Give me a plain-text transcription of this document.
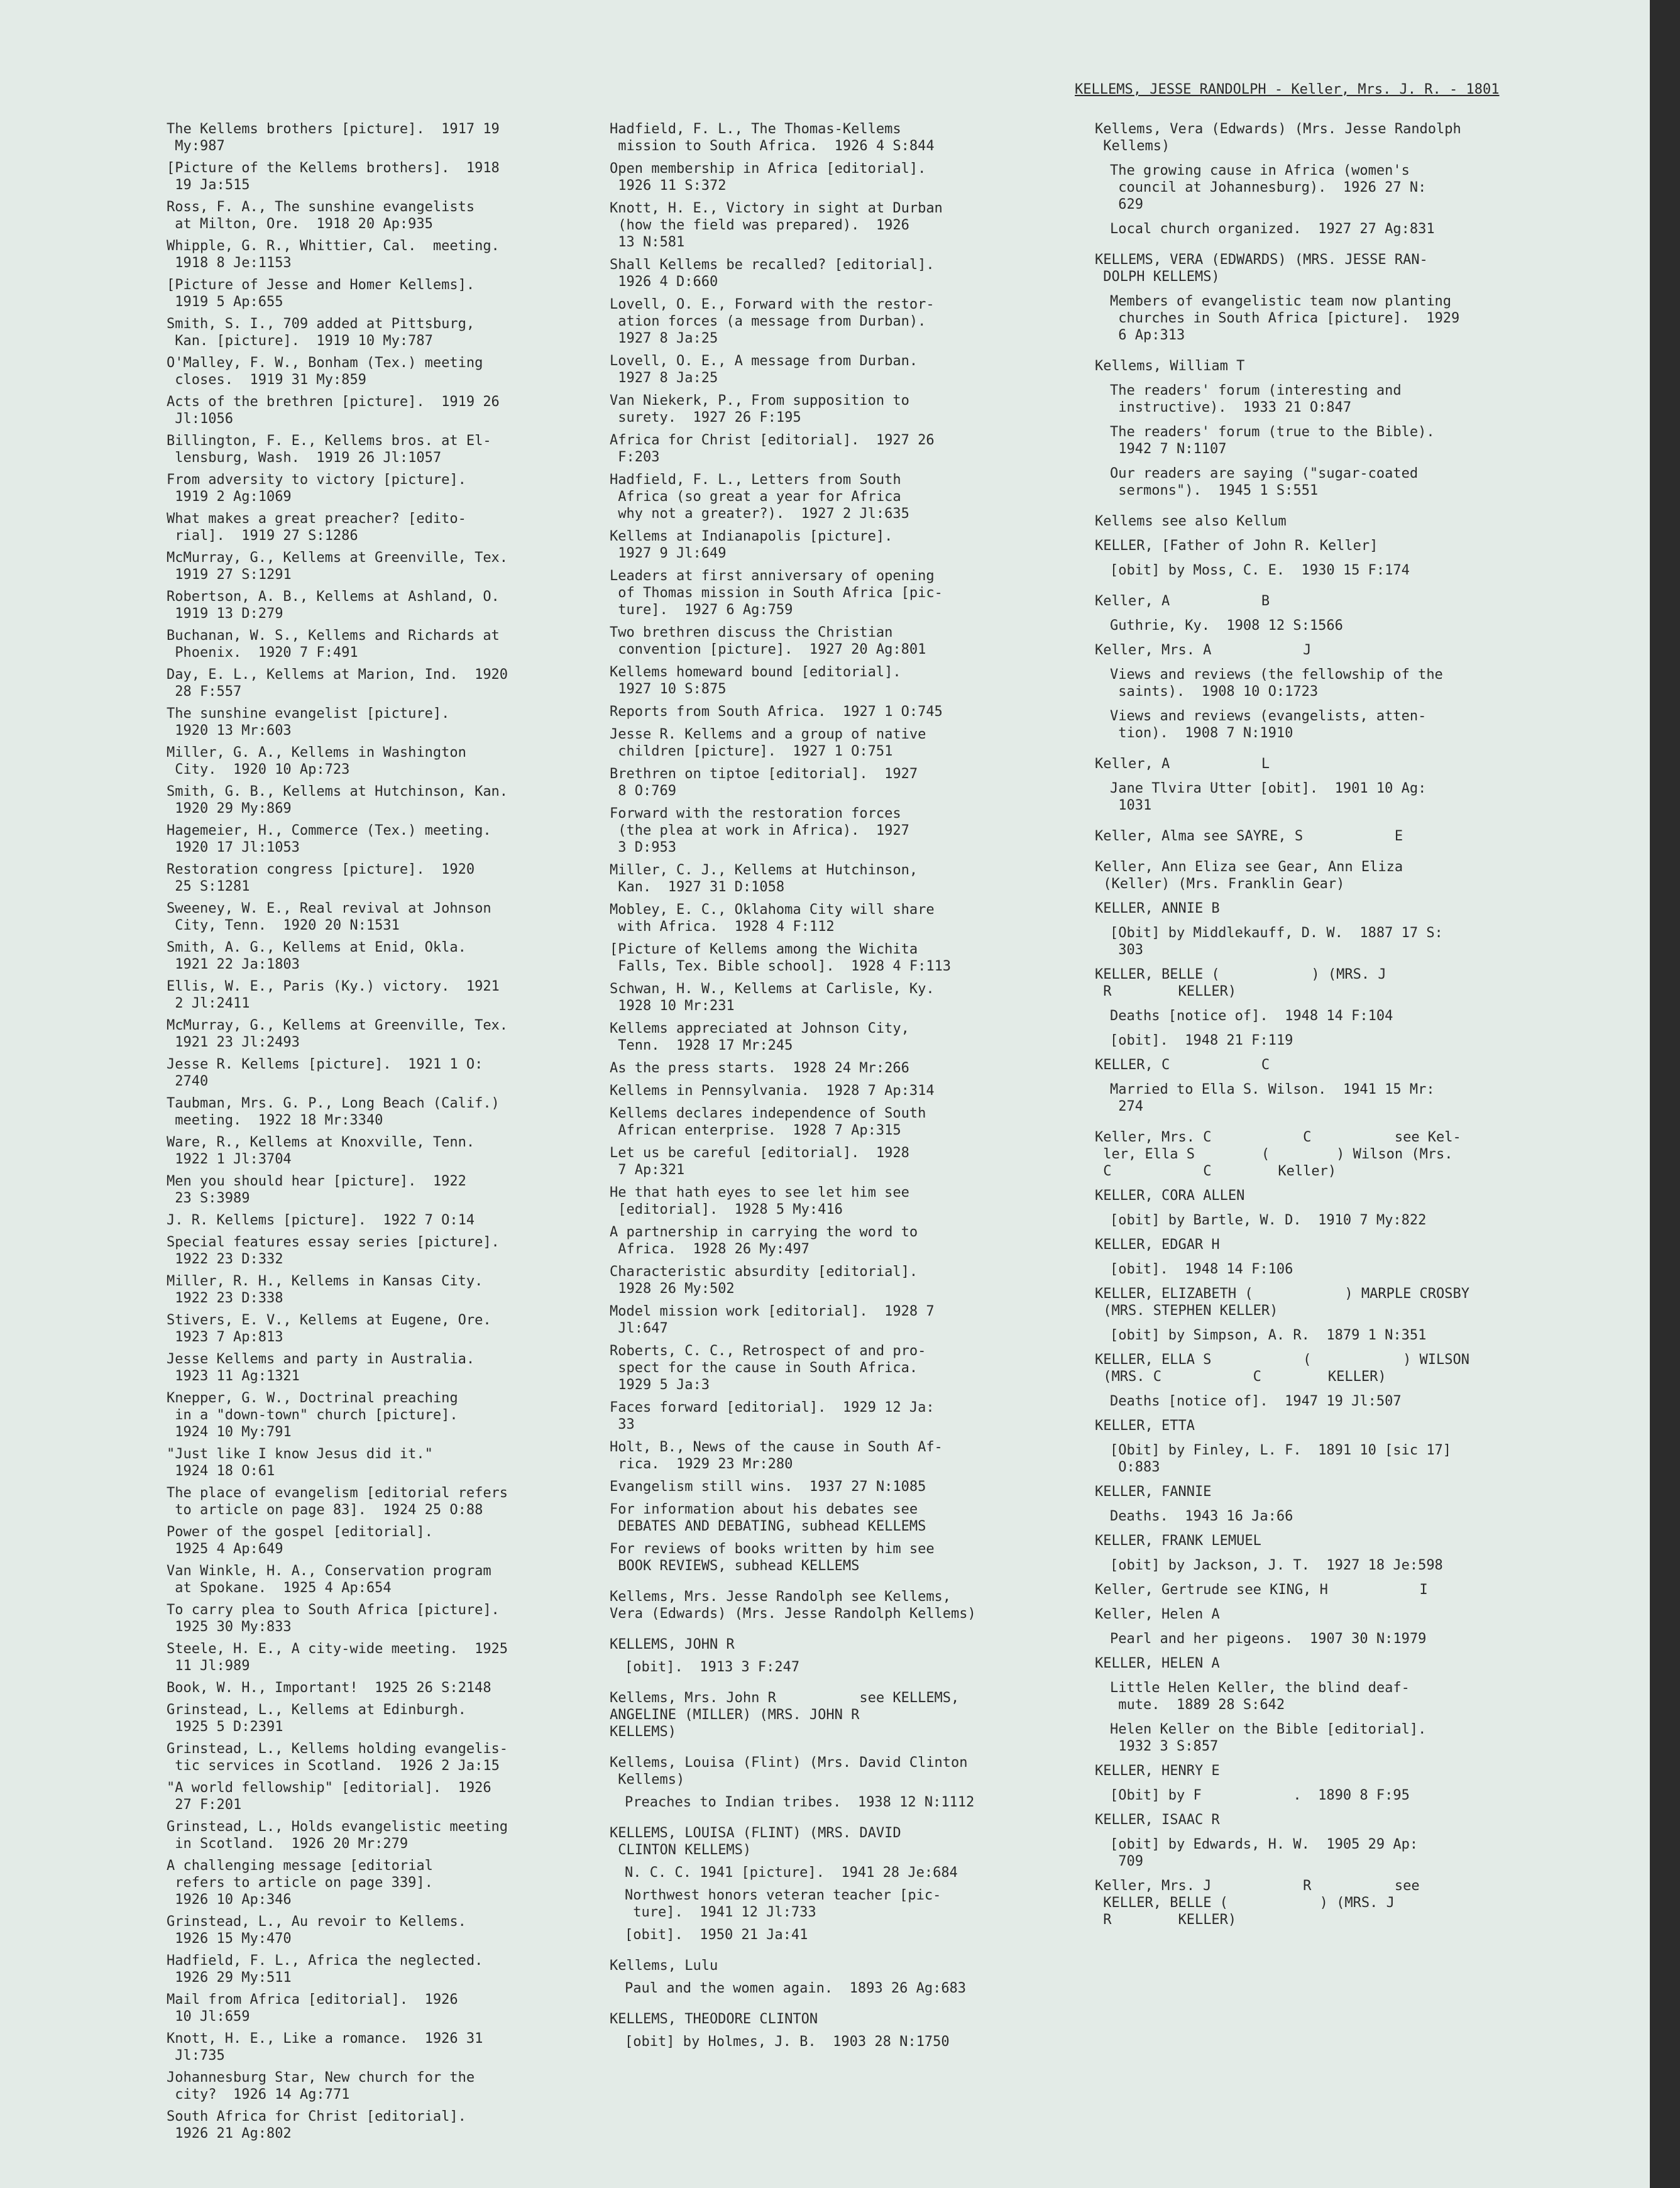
KELLEMS, JESSE RANDOLPH - Keller, Mrs. J. R. - 1801
The Kellems brothers [picture].  1917 19
My:987
[Picture of the Kellems brothers].  1918
19 Ja:515
Ross, F. A., The sunshine evangelists
at Milton, Ore.  1918 20 Ap:935
Whipple, G. R., Whittier, Cal.  meeting.
1918 8 Je:1153
[Picture of Jesse and Homer Kellems].
1919 5 Ap:655
Smith, S. I., 709 added at Pittsburg,
Kan. [picture].  1919 10 My:787
O'Malley, F. W., Bonham (Tex.) meeting
closes.  1919 31 My:859
Acts of the brethren [picture].  1919 26
Jl:1056
Billington, F. E., Kellems bros. at El-
lensburg, Wash.  1919 26 Jl:1057
From adversity to victory [picture].
1919 2 Ag:1069
What makes a great preacher? [edito-
rial].  1919 27 S:1286
McMurray, G., Kellems at Greenville, Tex.
1919 27 S:1291
Robertson, A. B., Kellems at Ashland, O.
1919 13 D:279
Buchanan, W. S., Kellems and Richards at
Phoenix.  1920 7 F:491
Day, E. L., Kellems at Marion, Ind.  1920
28 F:557
The sunshine evangelist [picture].
1920 13 Mr:603
Miller, G. A., Kellems in Washington
City.  1920 10 Ap:723
Smith, G. B., Kellems at Hutchinson, Kan.
1920 29 My:869
Hagemeier, H., Commerce (Tex.) meeting.
1920 17 Jl:1053
Restoration congress [picture].  1920
25 S:1281
Sweeney, W. E., Real revival at Johnson
City, Tenn.  1920 20 N:1531
Smith, A. G., Kellems at Enid, Okla.
1921 22 Ja:1803
Ellis, W. E., Paris (Ky.) victory.  1921
2 Jl:2411
McMurray, G., Kellems at Greenville, Tex.
1921 23 Jl:2493
Jesse R. Kellems [picture].  1921 1 O:
2740
Taubman, Mrs. G. P., Long Beach (Calif.)
meeting.  1922 18 Mr:3340
Ware, R., Kellems at Knoxville, Tenn.
1922 1 Jl:3704
Men you should hear [picture].  1922
23 S:3989
J. R. Kellems [picture].  1922 7 O:14
Special features essay series [picture].
1922 23 D:332
Miller, R. H., Kellems in Kansas City.
1922 23 D:338
Stivers, E. V., Kellems at Eugene, Ore.
1923 7 Ap:813
Jesse Kellems and party in Australia.
1923 11 Ag:1321
Knepper, G. W., Doctrinal preaching
in a "down-town" church [picture].
1924 10 My:791
"Just like I know Jesus did it."
1924 18 O:61
The place of evangelism [editorial refers
to article on page 83].  1924 25 O:88
Power of the gospel [editorial].
1925 4 Ap:649
Van Winkle, H. A., Conservation program
at Spokane.  1925 4 Ap:654
To carry plea to South Africa [picture].
1925 30 My:833
Steele, H. E., A city-wide meeting.  1925
11 Jl:989
Book, W. H., Important!  1925 26 S:2148
Grinstead, L., Kellems at Edinburgh.
1925 5 D:2391
Grinstead, L., Kellems holding evangelis-
tic services in Scotland.  1926 2 Ja:15
"A world fellowship" [editorial].  1926
27 F:201
Grinstead, L., Holds evangelistic meeting
in Scotland.  1926 20 Mr:279
A challenging message [editorial
refers to article on page 339].
1926 10 Ap:346
Grinstead, L., Au revoir to Kellems.
1926 15 My:470
Hadfield, F. L., Africa the neglected.
1926 29 My:511
Mail from Africa [editorial].  1926
10 Jl:659
Knott, H. E., Like a romance.  1926 31
Jl:735
Johannesburg Star, New church for the
city?  1926 14 Ag:771
South Africa for Christ [editorial].
1926 21 Ag:802
Hadfield, F. L., The Thomas-Kellems
mission to South Africa.  1926 4 S:844
Open membership in Africa [editorial].
1926 11 S:372
Knott, H. E., Victory in sight at Durban
(how the field was prepared).  1926
13 N:581
Shall Kellems be recalled? [editorial].
1926 4 D:660
Lovell, O. E., Forward with the restor-
ation forces (a message from Durban).
1927 8 Ja:25
Lovell, O. E., A message from Durban.
1927 8 Ja:25
Van Niekerk, P., From supposition to
surety.  1927 26 F:195
Africa for Christ [editorial].  1927 26
F:203
Hadfield, F. L., Letters from South
Africa (so great a year for Africa
why not a greater?).  1927 2 Jl:635
Kellems at Indianapolis [picture].
1927 9 Jl:649
Leaders at first anniversary of opening
of Thomas mission in South Africa [pic-
ture].  1927 6 Ag:759
Two brethren discuss the Christian
convention [picture].  1927 20 Ag:801
Kellems homeward bound [editorial].
1927 10 S:875
Reports from South Africa.  1927 1 O:745
Jesse R. Kellems and a group of native
children [picture].  1927 1 O:751
Brethren on tiptoe [editorial].  1927
8 O:769
Forward with the restoration forces
(the plea at work in Africa).  1927
3 D:953
Miller, C. J., Kellems at Hutchinson,
Kan.  1927 31 D:1058
Mobley, E. C., Oklahoma City will share
with Africa.  1928 4 F:112
[Picture of Kellems among the Wichita
Falls, Tex. Bible school].  1928 4 F:113
Schwan, H. W., Kellems at Carlisle, Ky.
1928 10 Mr:231
Kellems appreciated at Johnson City,
Tenn.  1928 17 Mr:245
As the press starts.  1928 24 Mr:266
Kellems in Pennsylvania.  1928 7 Ap:314
Kellems declares independence of South
African enterprise.  1928 7 Ap:315
Let us be careful [editorial].  1928
7 Ap:321
He that hath eyes to see let him see
[editorial].  1928 5 My:416
A partnership in carrying the word to
Africa.  1928 26 My:497
Characteristic absurdity [editorial].
1928 26 My:502
Model mission work [editorial].  1928 7
Jl:647
Roberts, C. C., Retrospect of and pro-
spect for the cause in South Africa.
1929 5 Ja:3
Faces forward [editorial].  1929 12 Ja:
33
Holt, B., News of the cause in South Af-
rica.  1929 23 Mr:280
Evangelism still wins.  1937 27 N:1085
For information about his debates see
DEBATES AND DEBATING, subhead KELLEMS
For reviews of books written by him see
BOOK REVIEWS, subhead KELLEMS
Kellems, Mrs. Jesse Randolph see Kellems,
Vera (Edwards) (Mrs. Jesse Randolph Kellems)
KELLEMS, JOHN R
[obit].  1913 3 F:247
Kellems, Mrs. John R          see KELLEMS,
ANGELINE (MILLER) (MRS. JOHN R
KELLEMS)
Kellems, Louisa (Flint) (Mrs. David Clinton
Kellems)
Preaches to Indian tribes.  1938 12 N:1112
KELLEMS, LOUISA (FLINT) (MRS. DAVID
CLINTON KELLEMS)
N. C. C. 1941 [picture].  1941 28 Je:684
Northwest honors veteran teacher [pic-
ture].  1941 12 Jl:733
[obit].  1950 21 Ja:41
Kellems, Lulu
Paul and the women again.  1893 26 Ag:683
KELLEMS, THEODORE CLINTON
[obit] by Holmes, J. B.  1903 28 N:1750
Kellems, Vera (Edwards) (Mrs. Jesse Randolph
Kellems)
The growing cause in Africa (women's
council at Johannesburg).  1926 27 N:
629
Local church organized.  1927 27 Ag:831
KELLEMS, VERA (EDWARDS) (MRS. JESSE RAN-
DOLPH KELLEMS)
Members of evangelistic team now planting
churches in South Africa [picture].  1929
6 Ap:313
Kellems, William T
The readers' forum (interesting and
instructive).  1933 21 O:847
The readers' forum (true to the Bible).
1942 7 N:1107
Our readers are saying ("sugar-coated
sermons").  1945 1 S:551
Kellems see also Kellum
KELLER, [Father of John R. Keller]
[obit] by Moss, C. E.  1930 15 F:174
Keller, A           B
Guthrie, Ky.  1908 12 S:1566
Keller, Mrs. A           J
Views and reviews (the fellowship of the
saints).  1908 10 O:1723
Views and reviews (evangelists, atten-
tion).  1908 7 N:1910
Keller, A           L
Jane Tlvira Utter [obit].  1901 10 Ag:
1031
Keller, Alma see SAYRE, S           E
Keller, Ann Eliza see Gear, Ann Eliza
(Keller) (Mrs. Franklin Gear)
KELLER, ANNIE B
[Obit] by Middlekauff, D. W.  1887 17 S:
303
KELLER, BELLE (           ) (MRS. J
R        KELLER)
Deaths [notice of].  1948 14 F:104
[obit].  1948 21 F:119
KELLER, C           C
Married to Ella S. Wilson.  1941 15 Mr:
274
Keller, Mrs. C           C          see Kel-
ler, Ella S        (        ) Wilson (Mrs.
C           C        Keller)
KELLER, CORA ALLEN
[obit] by Bartle, W. D.  1910 7 My:822
KELLER, EDGAR H
[obit].  1948 14 F:106
KELLER, ELIZABETH (           ) MARPLE CROSBY
(MRS. STEPHEN KELLER)
[obit] by Simpson, A. R.  1879 1 N:351
KELLER, ELLA S           (           ) WILSON
(MRS. C           C        KELLER)
Deaths [notice of].  1947 19 Jl:507
KELLER, ETTA
[Obit] by Finley, L. F.  1891 10 [sic 17]
O:883
KELLER, FANNIE
Deaths.  1943 16 Ja:66
KELLER, FRANK LEMUEL
[obit] by Jackson, J. T.  1927 18 Je:598
Keller, Gertrude see KING, H           I
Keller, Helen A
Pearl and her pigeons.  1907 30 N:1979
KELLER, HELEN A
Little Helen Keller, the blind deaf-
mute.  1889 28 S:642
Helen Keller on the Bible [editorial].
1932 3 S:857
KELLER, HENRY E
[Obit] by F           .  1890 8 F:95
KELLER, ISAAC R
[obit] by Edwards, H. W.  1905 29 Ap:
709
Keller, Mrs. J           R          see
KELLER, BELLE (           ) (MRS. J
R        KELLER)
